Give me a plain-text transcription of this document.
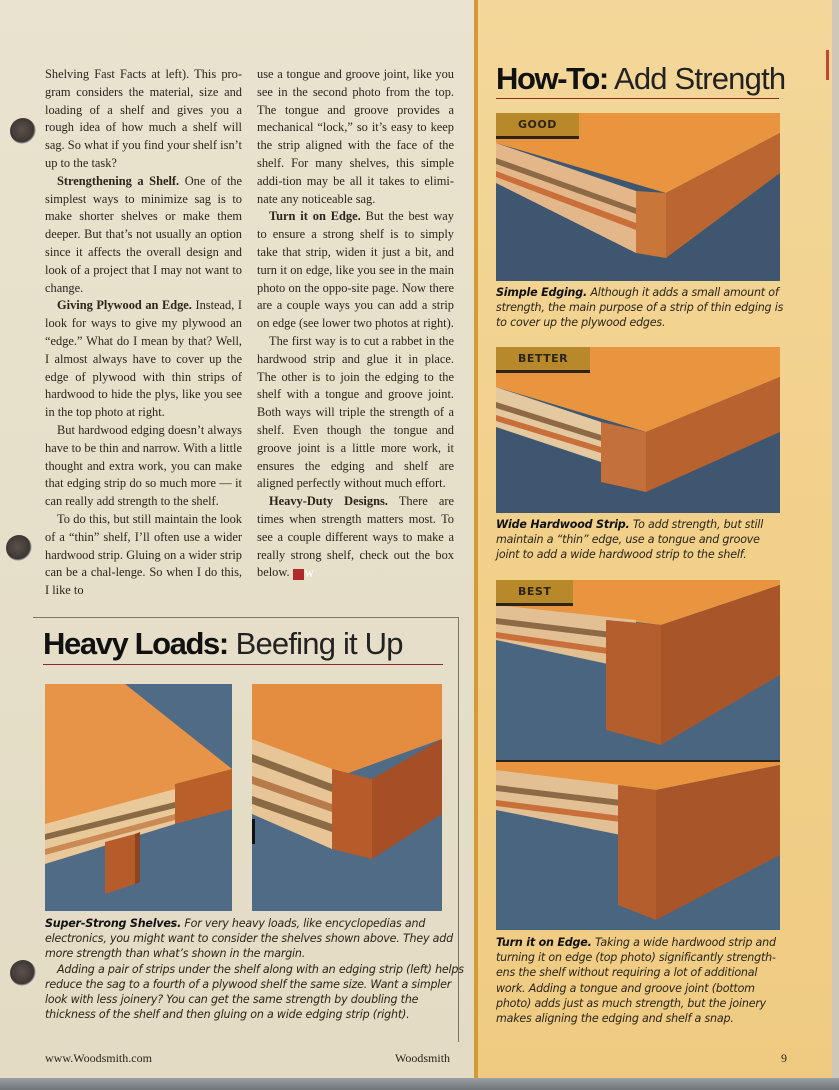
Shelving Fast Facts at left). This pro-gram considers the material, size and loading of a shelf and gives you a rough idea of how much a shelf will sag. So what if you find your shelf isn’t up to the task?

Strengthening a Shelf. One of the simplest ways to minimize sag is to make shorter shelves or make them deeper. But that’s not usually an option since it affects the overall design and look of a project that I may not want to change.

Giving Plywood an Edge. Instead, I look for ways to give my plywood an “edge.” What do I mean by that? Well, I almost always have to cover up the edge of plywood with thin strips of hardwood to hide the plys, like you see in the top photo at right.

But hardwood edging doesn’t always have to be thin and narrow. With a little thought and extra work, you can make that edging strip do so much more — it can really add strength to the shelf.

To do this, but still maintain the look of a “thin” shelf, I’ll often use a wider hardwood strip. Gluing on a wider strip can be a chal-lenge. So when I do this, I like to

use a tongue and groove joint, like you see in the second photo from the top. The tongue and groove provides a mechanical “lock,” so it’s easy to keep the strip aligned with the face of the shelf. For many shelves, this simple addi-tion may be all it takes to elimi-nate any noticeable sag.

Turn it on Edge. But the best way to ensure a strong shelf is to simply take that strip, widen it just a bit, and turn it on edge, like you see in the main photo on the oppo-site page. Now there are a couple ways you can add a strip on edge (see lower two photos at right).

The first way is to cut a rabbet in the hardwood strip and glue it in place. The other is to join the edging to the shelf with a tongue and groove joint. Both ways will triple the strength of a shelf. Even though the tongue and groove joint is a little more work, it ensures the edging and shelf are aligned perfectly without much effort.

Heavy-Duty Designs. There are times when strength matters most. To see a couple different ways to make a really strong shelf, check out the box below. W

Heavy Loads: Beefing it Up

Super-Strong Shelves. For very heavy loads, like encyclopedias and electronics, you might want to consider the shelves shown above. They add more strength than what’s shown in the margin.

Adding a pair of strips under the shelf along with an edging strip (left) helps reduce the sag to a fourth of a plywood shelf the same size. Want a simpler look with less joinery? You can get the same strength by doubling the thickness of the shelf and then gluing on a wide edging strip (right).

How-To: Add Strength
GOOD
Simple Edging. Although it adds a small amount of strength, the main purpose of a strip of thin edging is to cover up the plywood edges.
BETTER
Wide Hardwood Strip. To add strength, but still maintain a “thin” edge, use a tongue and groove joint to add a wide hardwood strip to the shelf.
BEST
Turn it on Edge. Taking a wide hardwood strip and turning it on edge (top photo) significantly strength-ens the shelf without requiring a lot of additional work. Adding a tongue and groove joint (bottom photo) adds just as much strength, but the joinery makes aligning the edging and shelf a snap.
www.Woodsmith.com	Woodsmith	9
